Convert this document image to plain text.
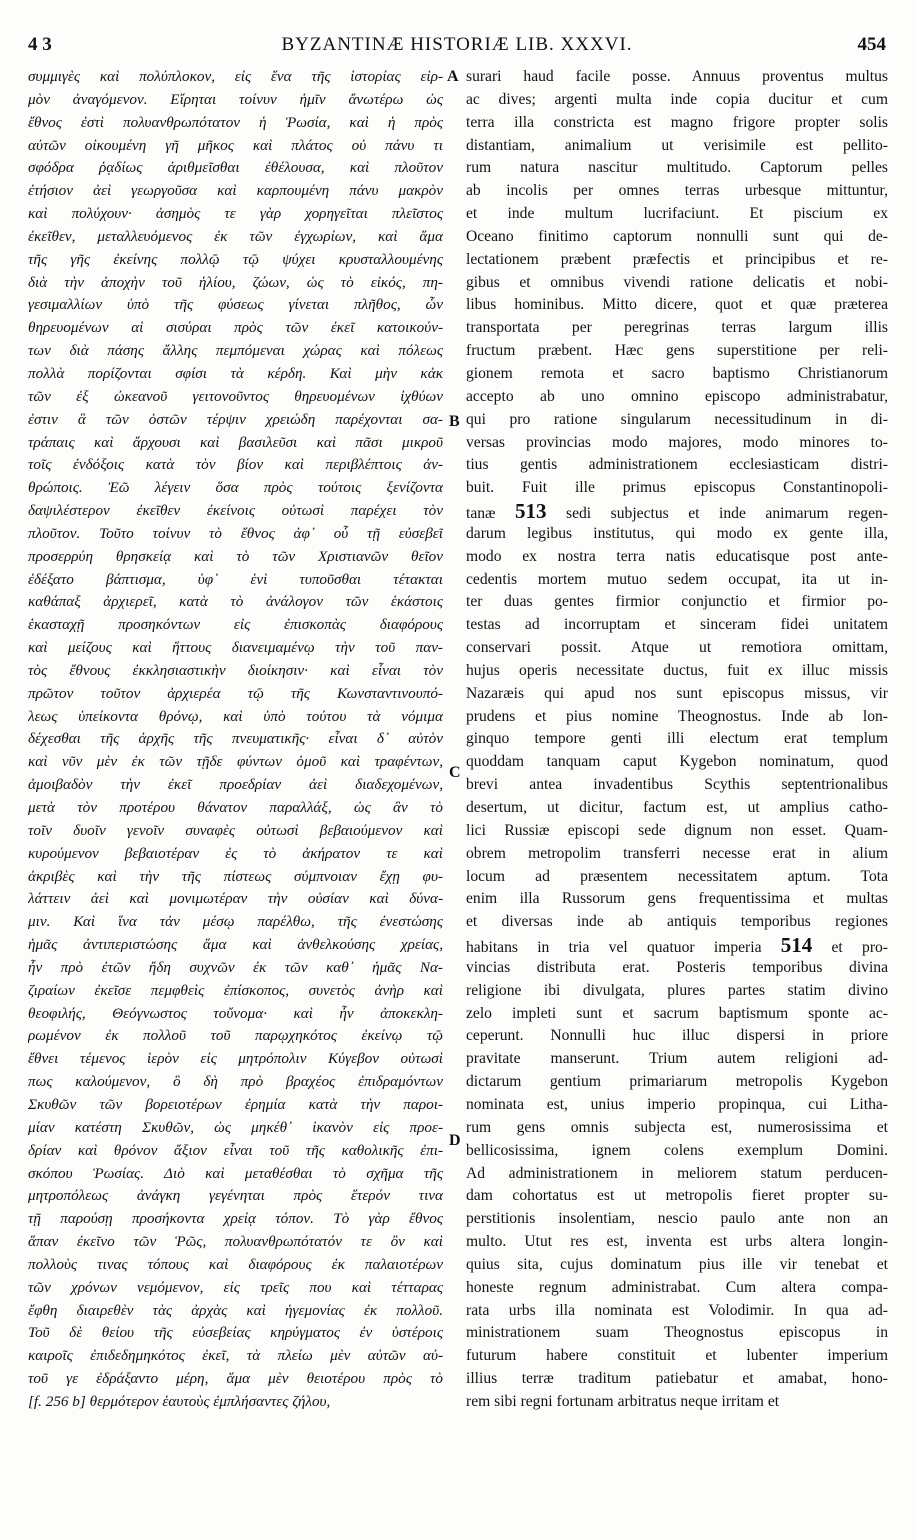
4 3	BYZANTINÆ HISTORIÆ LIB. XXXVI.	454
συμμιγὲς καὶ πολύπλοκον, εἰς ἕνα τῆς ἱστορίας εἱρ-
μὸν ἀναγόμενον. Εἴρηται τοίνυν ἡμῖν ἄνωτέρω ὡς
ἔθνος ἐστὶ πολυανθρωπότατον ἡ Ῥωσία, καὶ ἡ πρὸς
αὐτῶν οἰκουμένη γῆ μῆκος καὶ πλάτος οὐ πάνυ τι
σφόδρα ῥᾳδίως ἀριθμεῖσθαι ἐθέλουσα, καὶ πλοῦτον
ἐτήσιον ἀεὶ γεωργοῦσα καὶ καρπουμένη πάνυ μακρὸν
καὶ πολύχουν· ἀσημὸς τε γὰρ χορηγεῖται πλεῖστος
ἐκεῖθεν, μεταλλευόμενος ἐκ τῶν ἐγχωρίων, καὶ ἅμα
τῆς γῆς ἐκείνης πολλῷ τῷ ψύχει κρυσταλλουμένης
διὰ τὴν ἀποχὴν τοῦ ἡλίου, ζώων, ὡς τὸ εἰκός, πη-
γεσιμαλλίων ὑπὸ τῆς φύσεως γίνεται πλῆθος, ὧν
θηρευομένων αἱ σισύραι πρὸς τῶν ἐκεῖ κατοικούν-
των διὰ πάσης ἄλλης πεμπόμεναι χώρας καὶ πόλεως
πολλὰ πορίζονται σφίσι τὰ κέρδη. Καὶ μὴν κἀκ
τῶν ἐξ ὠκεανοῦ γειτονοῦντος θηρευομένων ἰχθύων
ἐστιν ἃ τῶν ὀστῶν τέρψιν χρειώδη παρέχονται σα-
τράπαις καὶ ἄρχουσι καὶ βασιλεῦσι καὶ πᾶσι μικροῦ
τοῖς ἐνδόξοις κατὰ τὸν βίον καὶ περιβλέπτοις ἀν-
θρώποις. Ἐῶ λέγειν ὅσα πρὸς τούτοις ξενίζοντα
δαψιλέστερον ἐκεῖθεν ἐκείνοις οὐτωσὶ παρέχει τὸν
πλοῦτον. Τοῦτο τοίνυν τὸ ἔθνος ἀφ᾽ οὗ τῇ εὐσεβεῖ
προσερρύη θρησκείᾳ καὶ τὸ τῶν Χριστιανῶν θεῖον
ἐδέξατο βάπτισμα, ὑφ᾽ ἑνὶ τυποῦσθαι τέτακται
καθάπαξ ἀρχιερεῖ, κατὰ τὸ ἀνάλογον τῶν ἑκάστοις
ἑκασταχῇ προσηκόντων εἰς ἐπισκοπὰς διαφόρους
καὶ μείζους καὶ ἥττους διανειμαμένῳ τὴν τοῦ παν-
τὸς ἔθνους ἐκκλησιαστικὴν διοίκησιν· καὶ εἶναι τὸν
πρῶτον τοῦτον ἀρχιερέα τῷ τῆς Κωνσταντινουπό-
λεως ὑπείκοντα θρόνῳ, καὶ ὑπὸ τούτου τὰ νόμιμα
δέχεσθαι τῆς ἀρχῆς τῆς πνευματικῆς· εἶναι δ᾽ αὐτὸν
καὶ νῦν μὲν ἐκ τῶν τῇδε φύντων ὁμοῦ καὶ τραφέντων,
ἀμοιβαδὸν τὴν ἐκεῖ προεδρίαν ἀεὶ διαδεχομένων,
μετὰ τὸν προτέρου θάνατον παραλλάξ, ὡς ἂν τὸ
τοῖν δυοῖν γενοῖν συναφὲς οὐτωσὶ βεβαιούμενον καὶ
κυρούμενον βεβαιοτέραν ἐς τὸ ἀκήρατον τε καὶ
ἀκριβὲς καὶ τὴν τῆς πίστεως σύμπνοιαν ἔχῃ φυ-
λάττειν ἀεὶ καὶ μονιμωτέραν τὴν οὐσίαν καὶ δύνα-
μιν. Καὶ ἵνα τἀν μέσῳ παρέλθω, τῆς ἐνεστώσης
ἡμᾶς ἀντιπεριστώσης ἅμα καὶ ἀνθελκούσης χρείας,
ἦν πρὸ ἐτῶν ἤδη συχνῶν ἐκ τῶν καθ᾽ ἡμᾶς Να-
ζιραίων ἐκεῖσε πεμφθεὶς ἐπίσκοπος, συνετὸς ἀνὴρ καὶ
θεοφιλής, Θεόγνωστος τοὔνομα· καὶ ἦν ἀποκεκλη-
ρωμένον ἐκ πολλοῦ τοῦ παρῳχηκότος ἐκείνῳ τῷ
ἔθνει τέμενος ἱερὸν εἰς μητρόπολιν Κύγεβον οὐτωσὶ
πως καλούμενον, ὃ δὴ πρὸ βραχέος ἐπιδραμόντων
Σκυθῶν τῶν βορειοτέρων ἐρημία κατὰ τὴν παροι-
μίαν κατέστη Σκυθῶν, ὡς μηκέθ᾽ ἱκανὸν εἰς προε-
δρίαν καὶ θρόνον ἄξιον εἶναι τοῦ τῆς καθολικῆς ἐπι-
σκόπου Ῥωσίας. Διὸ καὶ μεταθέσθαι τὸ σχῆμα τῆς
μητροπόλεως ἀνάγκη γεγένηται πρὸς ἕτερόν τινα
τῇ παρούσῃ προσήκοντα χρείᾳ τόπον. Τὸ γὰρ ἔθνος
ἅπαν ἐκεῖνο τῶν Ῥῶς, πολυανθρωπότατόν τε ὂν καὶ
πολλοὺς τινας τόπους καὶ διαφόρους ἐκ παλαιοτέρων
τῶν χρόνων νεμόμενον, εἰς τρεῖς που καὶ τέτταρας
ἔφθη διαιρεθὲν τὰς ἀρχὰς καὶ ἡγεμονίας ἐκ πολλοῦ.
Τοῦ δὲ θείου τῆς εὐσεβείας κηρύγματος ἐν ὑστέροις
καιροῖς ἐπιδεδημηκότος ἐκεῖ, τὰ πλείω μὲν αὐτῶν αὐ-
τοῦ γε ἐδράξαντο μέρη, ἅμα μὲν θειοτέρου πρὸς τὸ
[f. 256 b] θερμότερον ἑαυτοὺς ἐμπλήσαντες ζήλου,
surari haud facile posse. Annuus proventus multus
ac dives; argenti multa inde copia ducitur et cum
terra illa constricta est magno frigore propter solis
distantiam, animalium ut verisimile est pellito-
rum natura nascitur multitudo. Captorum pelles
ab incolis per omnes terras urbesque mittuntur,
et inde multum lucrifaciunt. Et piscium ex
Oceano finitimo captorum nonnulli sunt qui de-
lectationem præbent præfectis et principibus et re-
gibus et omnibus vivendi ratione delicatis et nobi-
libus hominibus. Mitto dicere, quot et quæ præterea
transportata per peregrinas terras largum illis
fructum præbent. Hæc gens superstitione per reli-
gionem remota et sacro baptismo Christianorum
accepto ab uno omnino episcopo administrabatur,
qui pro ratione singularum necessitudinum in di-
versas provincias modo majores, modo minores to-
tius gentis administrationem ecclesiasticam distri-
buit. Fuit ille primus episcopus Constantinopoli-
tanæ 513 sedi subjectus et inde animarum regen-
darum legibus institutus, qui modo ex gente illa,
modo ex nostra terra natis educatisque post ante-
cedentis mortem mutuo sedem occupat, ita ut in-
ter duas gentes firmior conjunctio et firmior po-
testas ad incorruptam et sinceram fidei unitatem
conservari possit. Atque ut remotiora omittam,
hujus operis necessitate ductus, fuit ex illuc missis
Nazaræis qui apud nos sunt episcopus missus, vir
prudens et pius nomine Theognostus. Inde ab lon-
ginquo tempore genti illi electum erat templum
quoddam tanquam caput Kygebon nominatum, quod
brevi antea invadentibus Scythis septentrionalibus
desertum, ut dicitur, factum est, ut amplius catho-
lici Russiæ episcopi sede dignum non esset. Quam-
obrem metropolim transferri necesse erat in alium
locum ad præsentem necessitatem aptum. Tota
enim illa Russorum gens frequentissima et multas
et diversas inde ab antiquis temporibus regiones
habitans in tria vel quatuor imperia 514 et pro-
vincias distributa erat. Posteris temporibus divina
religione ibi divulgata, plures partes statim divino
zelo impleti sunt et sacrum baptismum sponte ac-
ceperunt. Nonnulli huc illuc dispersi in priore
pravitate manserunt. Trium autem religioni ad-
dictarum gentium primariarum metropolis Kygebon
nominata est, unius imperio propinqua, cui Litha-
rum gens omnis subjecta est, numerosissima et
bellicosissima, ignem colens exemplum Domini.
Ad administrationem in meliorem statum perducen-
dam cohortatus est ut metropolis fieret propter su-
perstitionis insolentiam, nescio paulo ante non an
multo. Utut res est, inventa est urbs altera longin-
quius sita, cujus dominatum pius ille vir tenebat et
honeste regnum administrabat. Cum altera compa-
rata urbs illa nominata est Volodimir. In qua ad-
ministrationem suam Theognostus episcopus in
futurum habere constituit et lubenter imperium
illius terræ traditum patiebatur et amabat, hono-
rem sibi regni fortunam arbitratus neque irritam et
A
B
C
D
